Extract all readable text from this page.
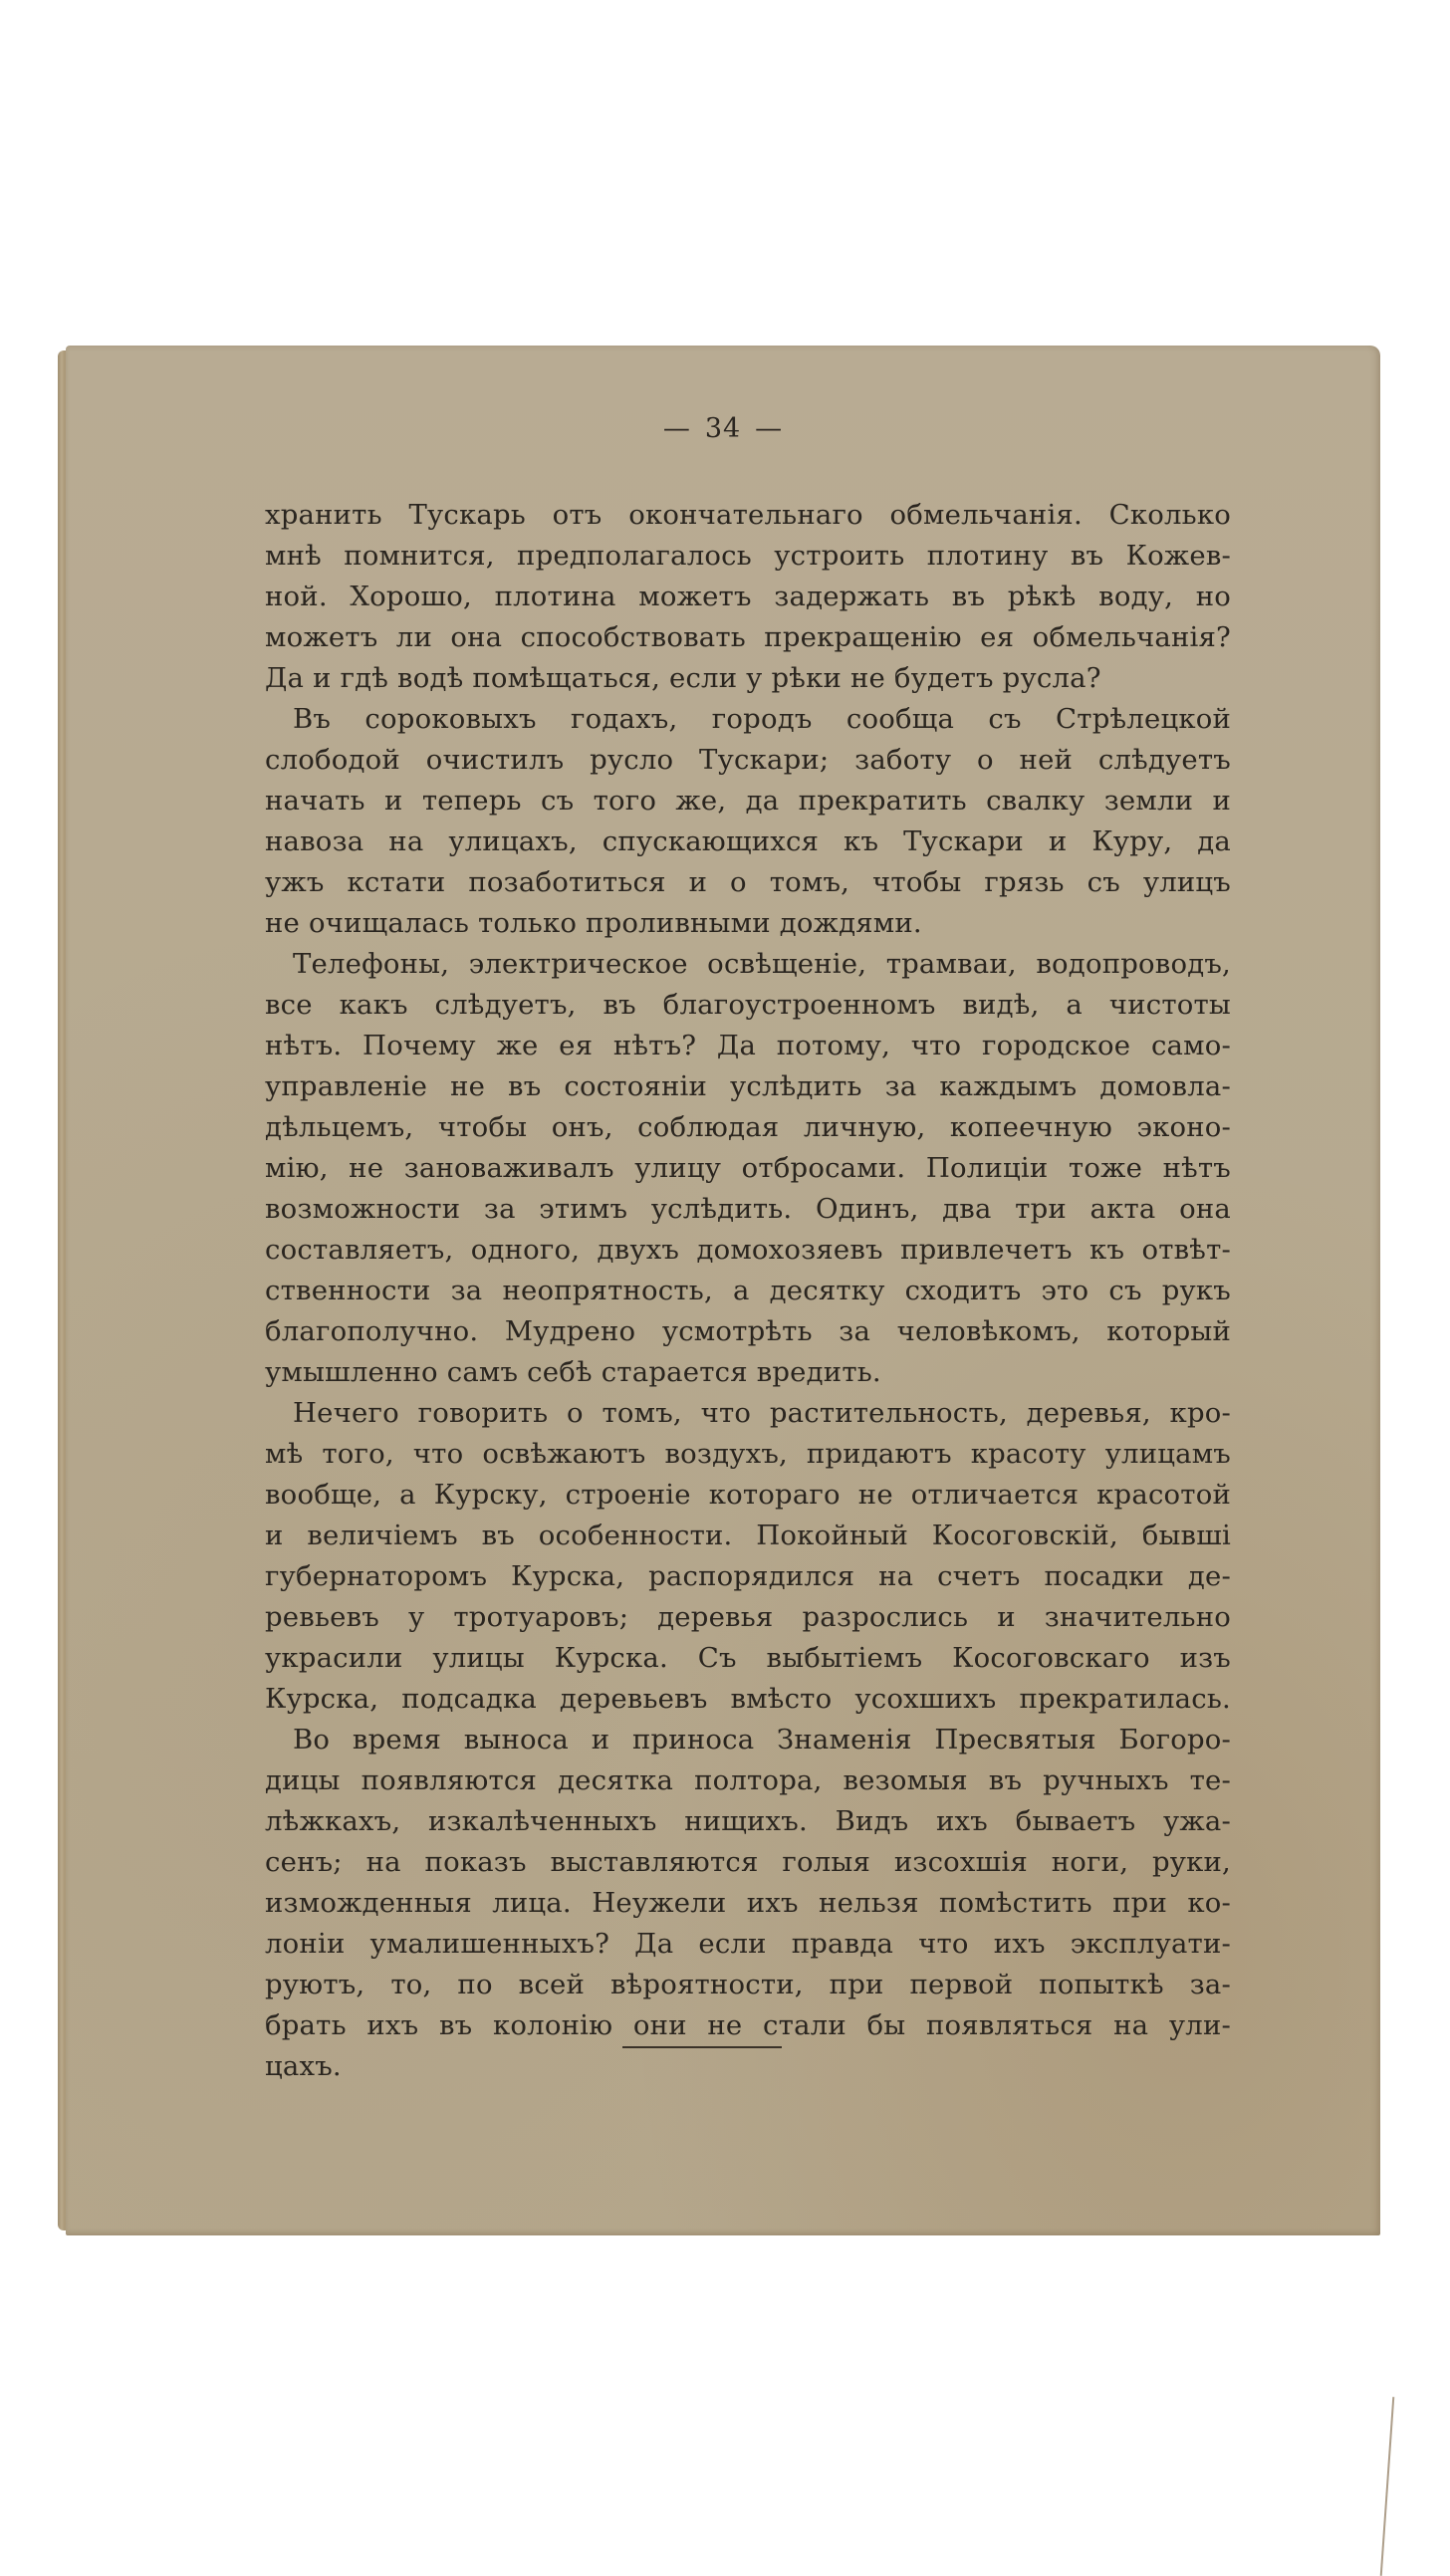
— 34 —
хранить Тускарь отъ окончательнаго обмельчанія. Сколько
мнѣ помнится, предполагалось устроить плотину въ Кожев-
ной. Хорошо, плотина можетъ задержать въ рѣкѣ воду, но
можетъ ли она способствовать прекращенію ея обмельчанія?
Да и гдѣ водѣ помѣщаться, если у рѣки не будетъ русла?
Въ сороковыхъ годахъ, городъ сообща съ Стрѣлецкой
слободой очистилъ русло Тускари; заботу о ней слѣдуетъ
начать и теперь съ того же, да прекратить свалку земли и
навоза на улицахъ, спускающихся къ Тускари и Куру, да
ужъ кстати позаботиться и о томъ, чтобы грязь съ улицъ
не очищалась только проливными дождями.
Телефоны, электрическое освѣщеніе, трамваи, водопроводъ,
все какъ слѣдуетъ, въ благоустроенномъ видѣ, а чистоты
нѣтъ. Почему же ея нѣтъ? Да потому, что городское само-
управленіе не въ состояніи услѣдить за каждымъ домовла-
дѣльцемъ, чтобы онъ, соблюдая личную, копеечную эконо-
мію, не зановаживалъ улицу отбросами. Полиціи тоже нѣтъ
возможности за этимъ услѣдить. Одинъ, два три акта она
составляетъ, одного, двухъ домохозяевъ привлечетъ къ отвѣт-
ственности за неопрятность, а десятку сходитъ это съ рукъ
благополучно. Мудрено усмотрѣть за человѣкомъ, который
умышленно самъ себѣ старается вредить.
Нечего говорить о томъ, что растительность, деревья, кро-
мѣ того, что освѣжаютъ воздухъ, придаютъ красоту улицамъ
вообще, а Курску, строеніе котораго не отличается красотой
и величіемъ въ особенности. Покойный Косоговскій, бывшi
губернаторомъ Курска, распорядился на счетъ посадки де-
ревьевъ у тротуаровъ; деревья разрослись и значительно
украсили улицы Курска. Съ выбытіемъ Косоговскаго изъ
Курска, подсадка деревьевъ вмѣсто усохшихъ прекратилась.
Во время выноса и приноса Знаменія Пресвятыя Богоро-
дицы появляются десятка полтора, везомыя въ ручныхъ те-
лѣжкахъ, изкалѣченныхъ нищихъ. Видъ ихъ бываетъ ужа-
сенъ; на показъ выставляются голыя изсохшія ноги, руки,
изможденныя лица. Неужели ихъ нельзя помѣстить при ко-
лоніи умалишенныхъ? Да если правда что ихъ эксплуати-
руютъ, то, по всей вѣроятности, при первой попыткѣ за-
брать ихъ въ колонію они не стали бы появляться на ули-
цахъ.
